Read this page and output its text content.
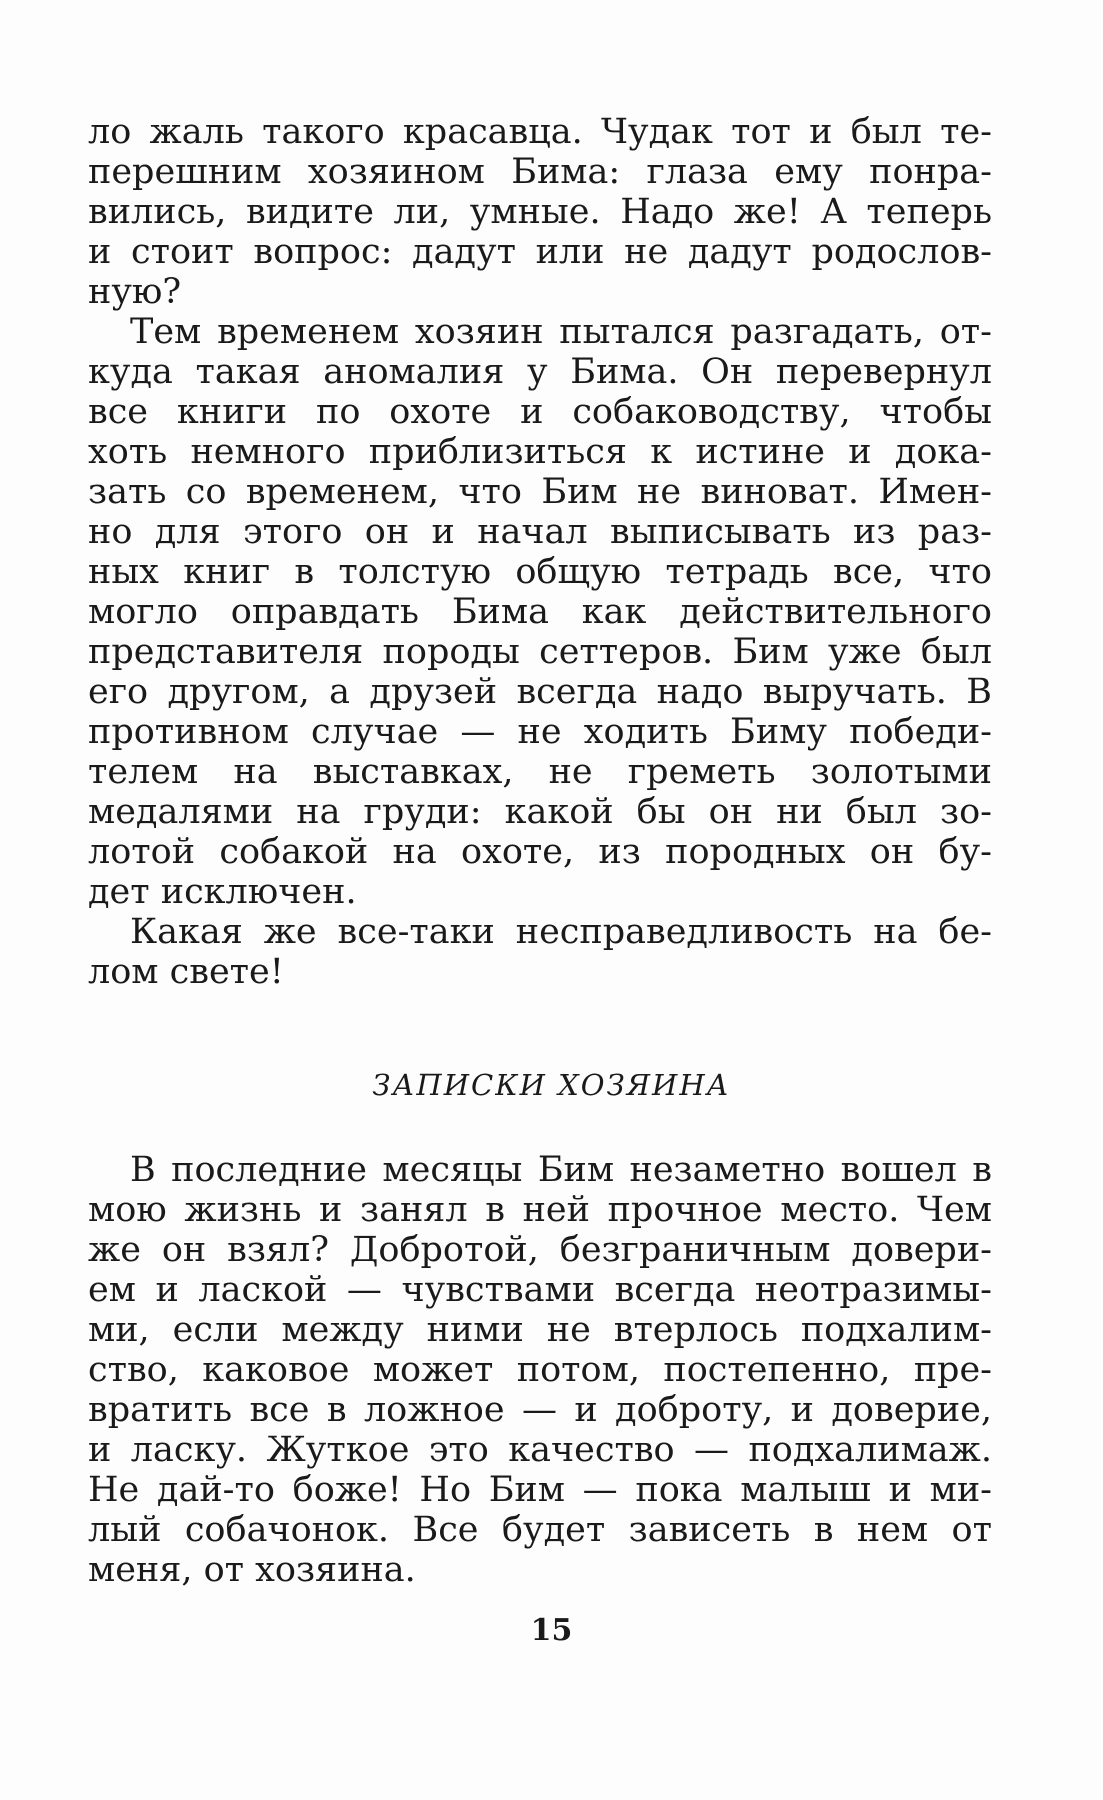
ло жаль такого красавца. Чудак тот и был те-
перешним хозяином Бима: глаза ему понра-
вились, видите ли, умные. Надо же! А теперь
и стоит вопрос: дадут или не дадут родослов-
ную?
Тем временем хозяин пытался разгадать, от-
куда такая аномалия у Бима. Он перевернул
все книги по охоте и собаководству, чтобы
хоть немного приблизиться к истине и дока-
зать со временем, что Бим не виноват. Имен-
но для этого он и начал выписывать из раз-
ных книг в толстую общую тетрадь все, что
могло оправдать Бима как действительного
представителя породы сеттеров. Бим уже был
его другом, а друзей всегда надо выручать. В
противном случае — не ходить Биму победи-
телем на выставках, не греметь золотыми
медалями на груди: какой бы он ни был зо-
лотой собакой на охоте, из породных он бу-
дет исключен.
Какая же все-таки несправедливость на бе-
лом свете!
ЗАПИСКИ ХОЗЯИНА
В последние месяцы Бим незаметно вошел в
мою жизнь и занял в ней прочное место. Чем
же он взял? Добротой, безграничным довери-
ем и лаской — чувствами всегда неотразимы-
ми, если между ними не втерлось подхалим-
ство, каковое может потом, постепенно, пре-
вратить все в ложное — и доброту, и доверие,
и ласку. Жуткое это качество — подхалимаж.
Не дай-то боже! Но Бим — пока малыш и ми-
лый собачонок. Все будет зависеть в нем от
меня, от хозяина.
15
